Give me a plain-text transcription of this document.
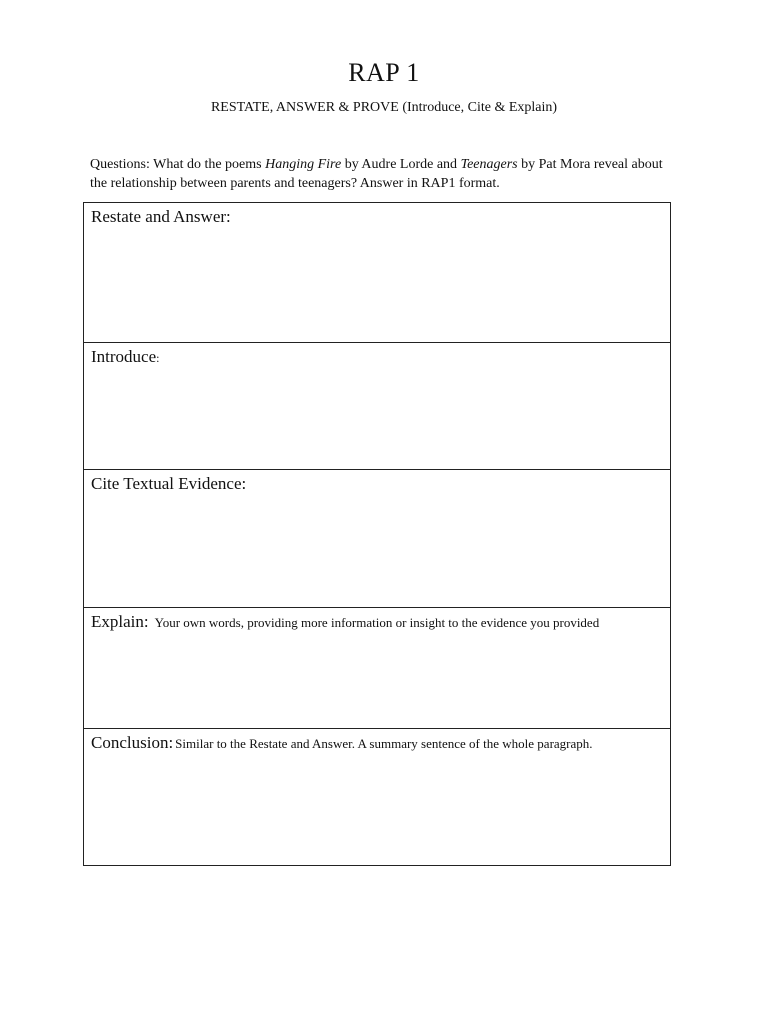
RAP 1
RESTATE, ANSWER & PROVE (Introduce, Cite & Explain)
Questions: What do the poems Hanging Fire by Audre Lorde and Teenagers by Pat Mora reveal about the relationship between parents and teenagers? Answer in RAP1 format.
Restate and Answer:
Introduce:
Cite Textual Evidence:
Explain: Your own words, providing more information or insight to the evidence you provided
Conclusion: Similar to the Restate and Answer. A summary sentence of the whole paragraph.
